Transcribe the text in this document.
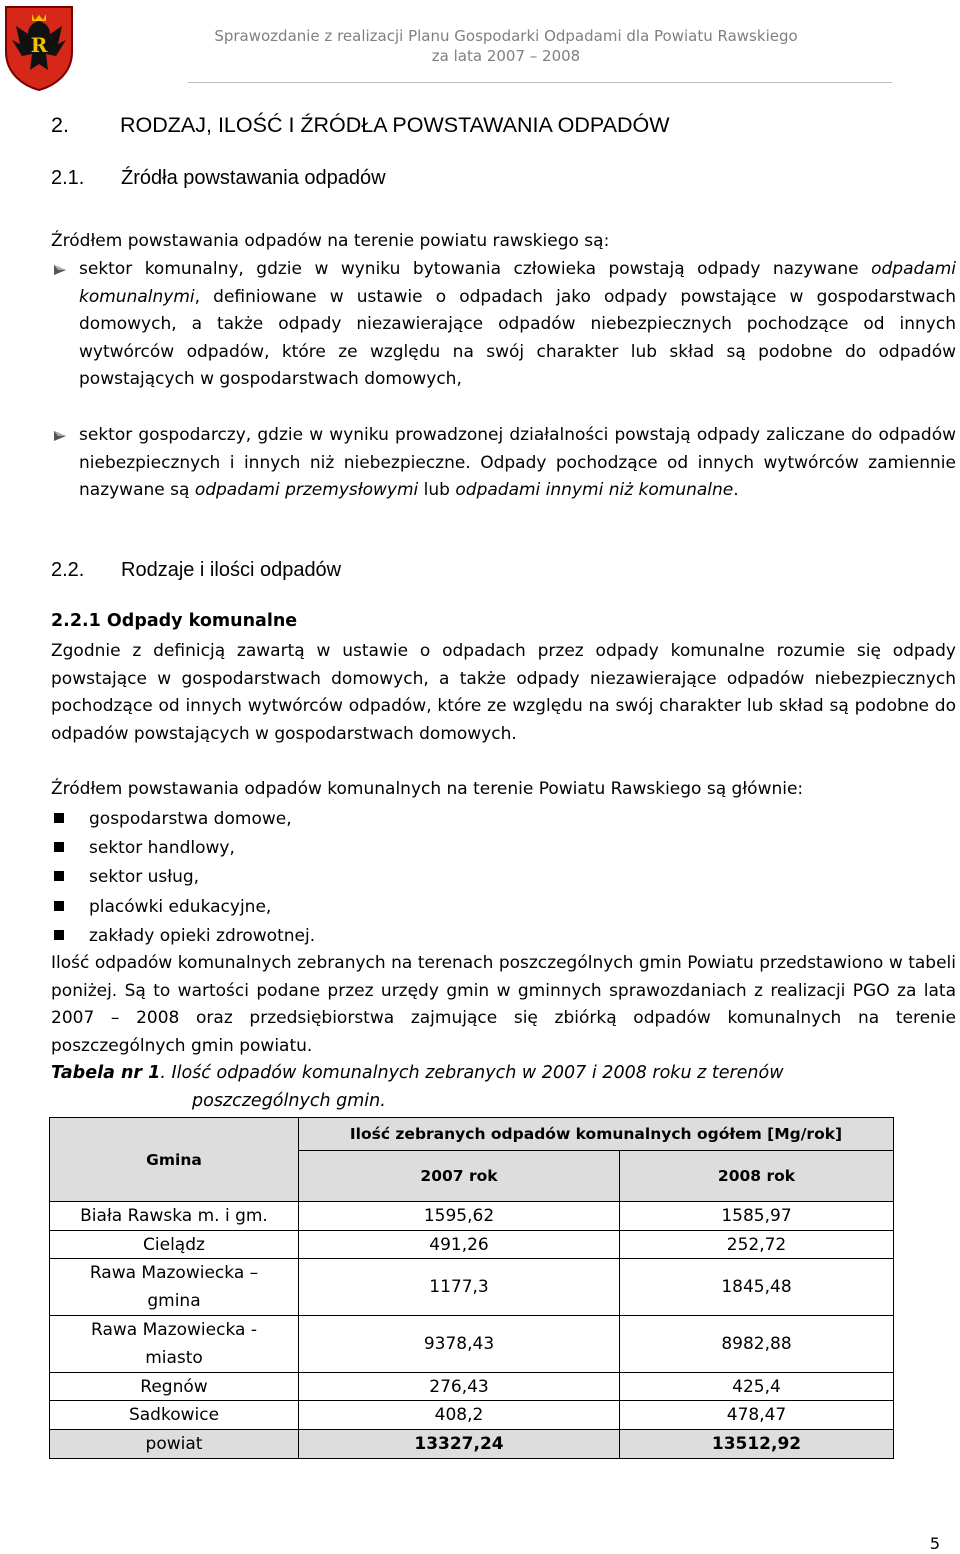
R	Sprawozdanie z realizacji Planu Gospodarki Odpadami dla Powiatu Rawskiego
za lata 2007 – 2008
2. RODZAJ, ILOŚĆ I ŹRÓDŁA POWSTAWANIA ODPADÓW
2.1. Źródła powstawania odpadów
Źródłem powstawania odpadów na terenie powiatu rawskiego są:
sektor komunalny, gdzie w wyniku bytowania człowieka powstają odpady nazywane odpadami komunalnymi, definiowane w ustawie o odpadach jako odpady powstające w gospodarstwach domowych, a także odpady niezawierające odpadów niebezpiecznych pochodzące od innych wytwórców odpadów, które ze względu na swój charakter lub skład są podobne do odpadów powstających w gospodarstwach domowych,
sektor gospodarczy, gdzie w wyniku prowadzonej działalności powstają odpady zaliczane do odpadów niebezpiecznych i innych niż niebezpieczne. Odpady pochodzące od innych wytwórców zamiennie nazywane są odpadami przemysłowymi lub odpadami innymi niż komunalne.
2.2. Rodzaje i ilości odpadów
2.2.1 Odpady komunalne
Zgodnie z definicją zawartą w ustawie o odpadach przez odpady komunalne rozumie się odpady powstające w gospodarstwach domowych, a także odpady niezawierające odpadów niebezpiecznych pochodzące od innych wytwórców odpadów, które ze względu na swój charakter lub skład są podobne do odpadów powstających w gospodarstwach domowych.
Źródłem powstawania odpadów komunalnych na terenie Powiatu Rawskiego są głównie:
gospodarstwa domowe,
sektor handlowy,
sektor usług,
placówki edukacyjne,
zakłady opieki zdrowotnej.
Ilość odpadów komunalnych zebranych na terenach poszczególnych gmin Powiatu przedstawiono w tabeli poniżej. Są to wartości podane przez urzędy gmin w gminnych sprawozdaniach z realizacji PGO za lata 2007 – 2008 oraz przedsiębiorstwa zajmujące się zbiórką odpadów komunalnych na terenie poszczególnych gmin powiatu.
Tabela nr 1. Ilość odpadów komunalnych zebranych w 2007 i 2008 roku z terenów
poszczególnych gmin.
Gmina	Ilość zebranych odpadów komunalnych ogółem [Mg/rok]	
	2007 rok	2008 rok
Biała Rawska m. i gm.	1595,62	1585,97
Cielądz	491,26	252,72
Rawa Mazowiecka – gmina	1177,3	1845,48
Rawa Mazowiecka - miasto	9378,43	8982,88
Regnów	276,43	425,4
Sadkowice	408,2	478,47
powiat	13327,24	13512,92
5
